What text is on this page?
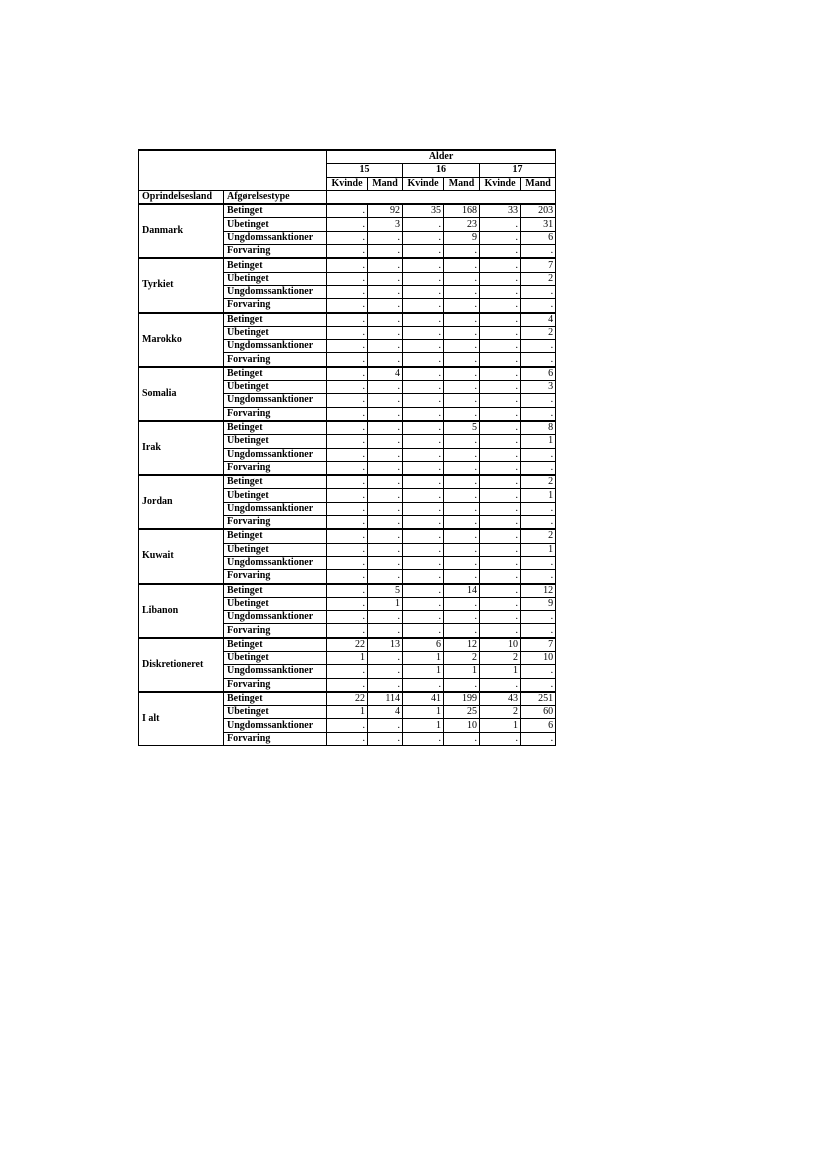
		Alder					
		15		16		17	
		Kvinde	Mand	Kvinde	Mand	Kvinde	Mand
Oprindelsesland	Afgørelsestype						
Danmark	Betinget	.	92	35	168	33	203
	Ubetinget	.	3	.	23	.	31
	Ungdomssanktioner	.	.	.	9	.	6
	Forvaring	.	.	.	.	.	.
Tyrkiet	Betinget	.	.	.	.	.	7
	Ubetinget	.	.	.	.	.	2
	Ungdomssanktioner	.	.	.	.	.	.
	Forvaring	.	.	.	.	.	.
Marokko	Betinget	.	.	.	.	.	4
	Ubetinget	.	.	.	.	.	2
	Ungdomssanktioner	.	.	.	.	.	.
	Forvaring	.	.	.	.	.	.
Somalia	Betinget	.	4	.	.	.	6
	Ubetinget	.	.	.	.	.	3
	Ungdomssanktioner	.	.	.	.	.	.
	Forvaring	.	.	.	.	.	.
Irak	Betinget	.	.	.	5	.	8
	Ubetinget	.	.	.	.	.	1
	Ungdomssanktioner	.	.	.	.	.	.
	Forvaring	.	.	.	.	.	.
Jordan	Betinget	.	.	.	.	.	2
	Ubetinget	.	.	.	.	.	1
	Ungdomssanktioner	.	.	.	.	.	.
	Forvaring	.	.	.	.	.	.
Kuwait	Betinget	.	.	.	.	.	2
	Ubetinget	.	.	.	.	.	1
	Ungdomssanktioner	.	.	.	.	.	.
	Forvaring	.	.	.	.	.	.
Libanon	Betinget	.	5	.	14	.	12
	Ubetinget	.	1	.	.	.	9
	Ungdomssanktioner	.	.	.	.	.	.
	Forvaring	.	.	.	.	.	.
Diskretioneret	Betinget	22	13	6	12	10	7
	Ubetinget	1	.	1	2	2	10
	Ungdomssanktioner	.	.	1	1	1	.
	Forvaring	.	.	.	.	.	.
I alt	Betinget	22	114	41	199	43	251
	Ubetinget	1	4	1	25	2	60
	Ungdomssanktioner	.	.	1	10	1	6
	Forvaring	.	.	.	.	.	.
